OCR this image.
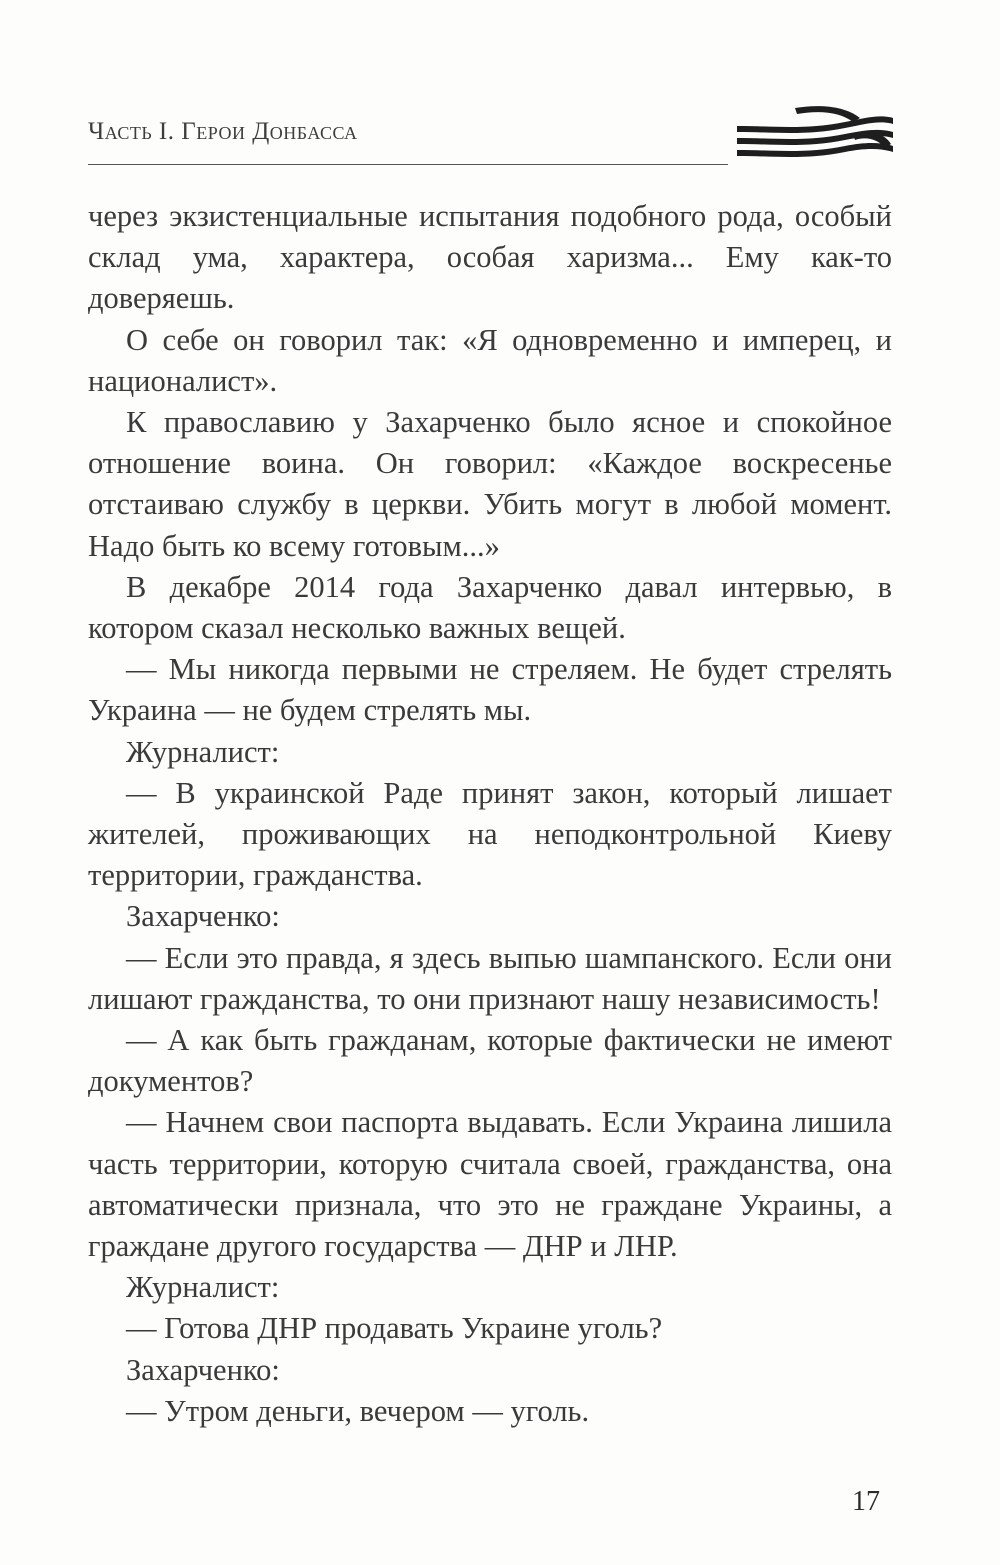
Часть I. Герои Донбасса

через экзистенциальные испытания подобного рода, особый склад ума, характера, особая харизма... Ему как-то доверяешь.

О себе он говорил так: «Я одновременно и имперец, и националист».

К православию у Захарченко было ясное и спокойное отношение воина. Он говорил: «Каждое воскресенье отстаиваю службу в церкви. Убить могут в любой момент. Надо быть ко всему готовым...»

В декабре 2014 года Захарченко давал интервью, в котором сказал несколько важных вещей.

— Мы никогда первыми не стреляем. Не будет стрелять Украина — не будем стрелять мы.

Журналист:

— В украинской Раде принят закон, который лишает жителей, проживающих на неподконтрольной Киеву территории, гражданства.

Захарченко:

— Если это правда, я здесь выпью шампанского. Если они лишают гражданства, то они признают нашу независимость!

— А как быть гражданам, которые фактически не имеют документов?

— Начнем свои паспорта выдавать. Если Украина лишила часть территории, которую считала своей, гражданства, она автоматически признала, что это не граждане Украины, а граждане другого государства — ДНР и ЛНР.

Журналист:

— Готова ДНР продавать Украине уголь?

Захарченко:

— Утром деньги, вечером — уголь.

17
